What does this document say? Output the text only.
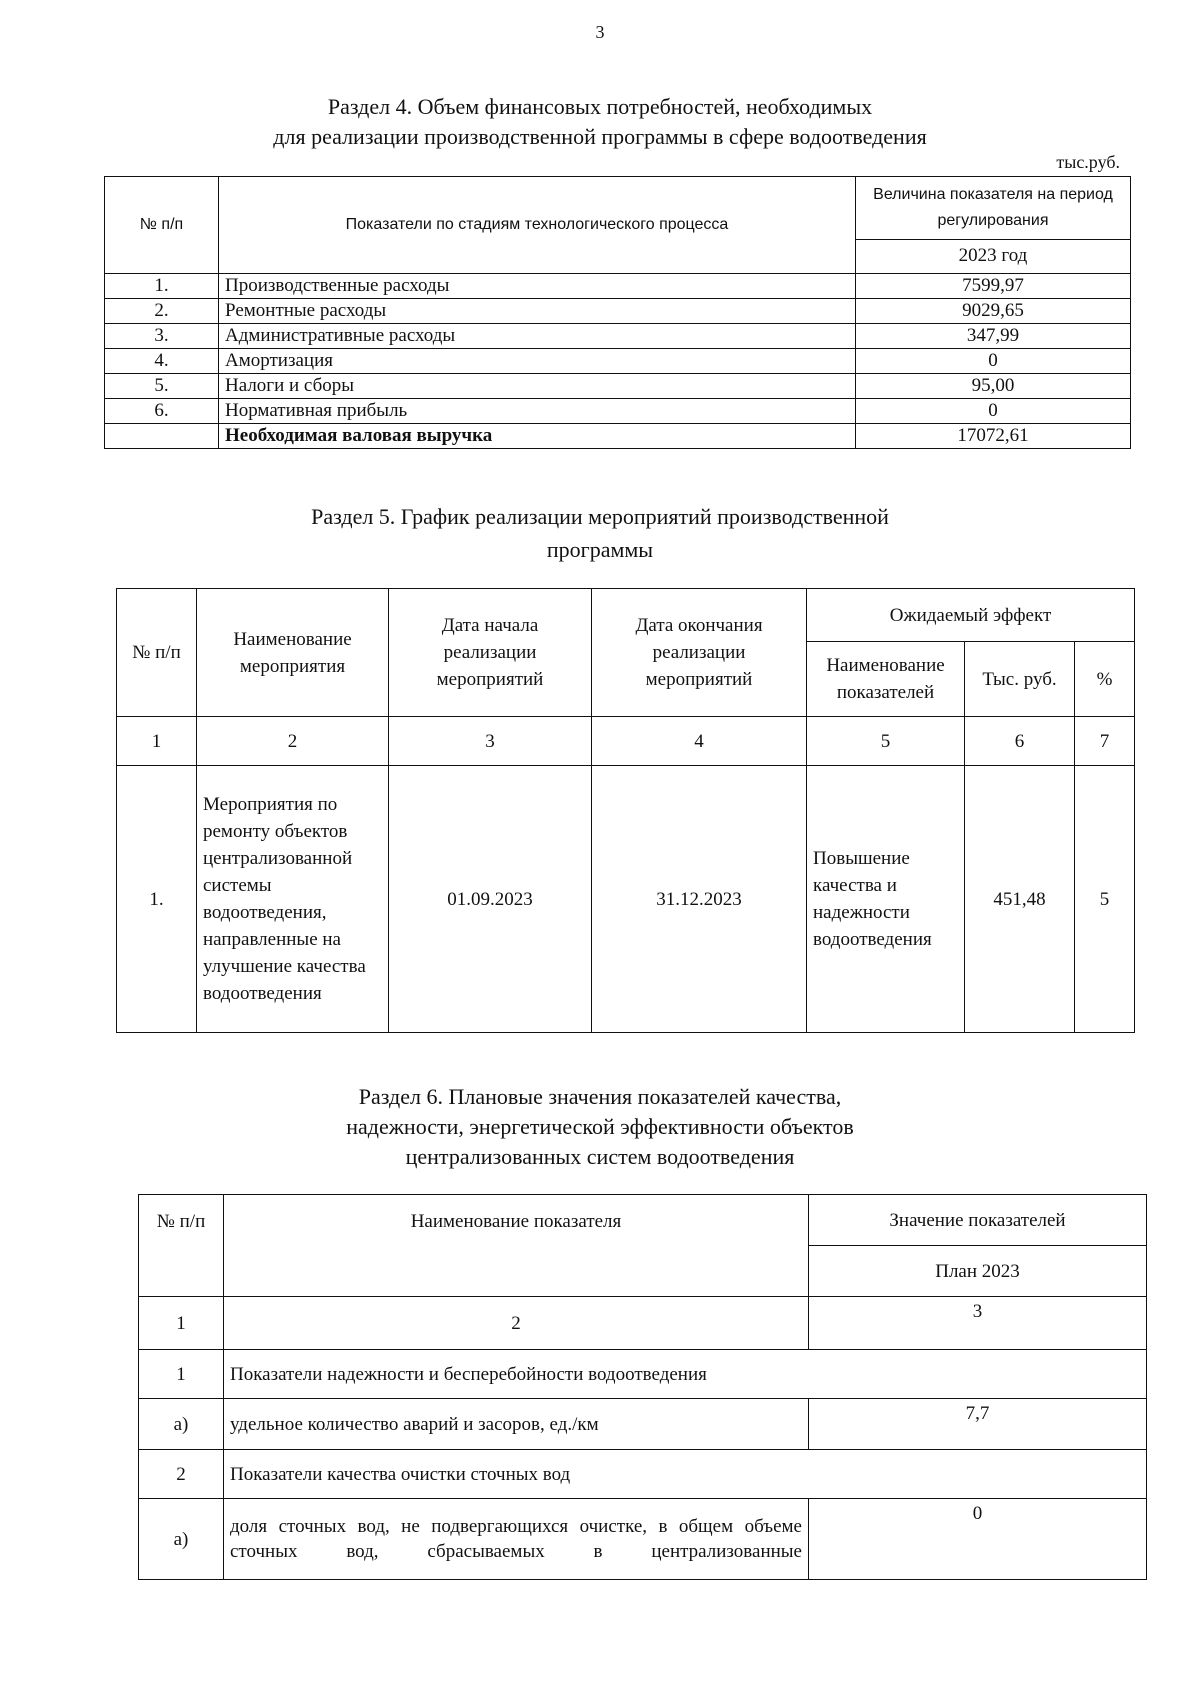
3
Раздел 4. Объем финансовых потребностей, необходимых
для реализации производственной программы в сфере водоотведения
тыс.руб.
№ п/п	Показатели по стадиям технологического процесса	Величина показателя на период регулирования
		2023 год
1.	Производственные расходы	7599,97
2.	Ремонтные расходы	9029,65
3.	Административные расходы	347,99
4.	Амортизация	0
5.	Налоги и сборы	95,00
6.	Нормативная прибыль	0
	Необходимая валовая выручка	17072,61
Раздел 5. График реализации мероприятий производственной
программы
№ п/п	Наименование мероприятия	Дата начала реализации мероприятий	Дата окончания реализации мероприятий	Ожидаемый эффект		
				Наименование показателей	Тыс. руб.	%
1	2	3	4	5	6	7
1.	Мероприятия по ремонту объектов централизованной системы водоотведения, направленные на улучшение качества водоотведения	01.09.2023	31.12.2023	Повышение качества и надежности водоотведения	451,48	5
Раздел 6. Плановые значения показателей качества,
надежности, энергетической эффективности объектов
централизованных систем водоотведения
№ п/п	Наименование показателя	Значение показателей
		План 2023
1	2	3
1	Показатели надежности и бесперебойности водоотведения	
а)	удельное количество аварий и засоров, ед./км	7,7
2	Показатели качества очистки сточных вод	
а)	доля сточных вод, не подвергающихся очистке, в общем объеме сточных вод, сбрасываемых в централизованные	0
